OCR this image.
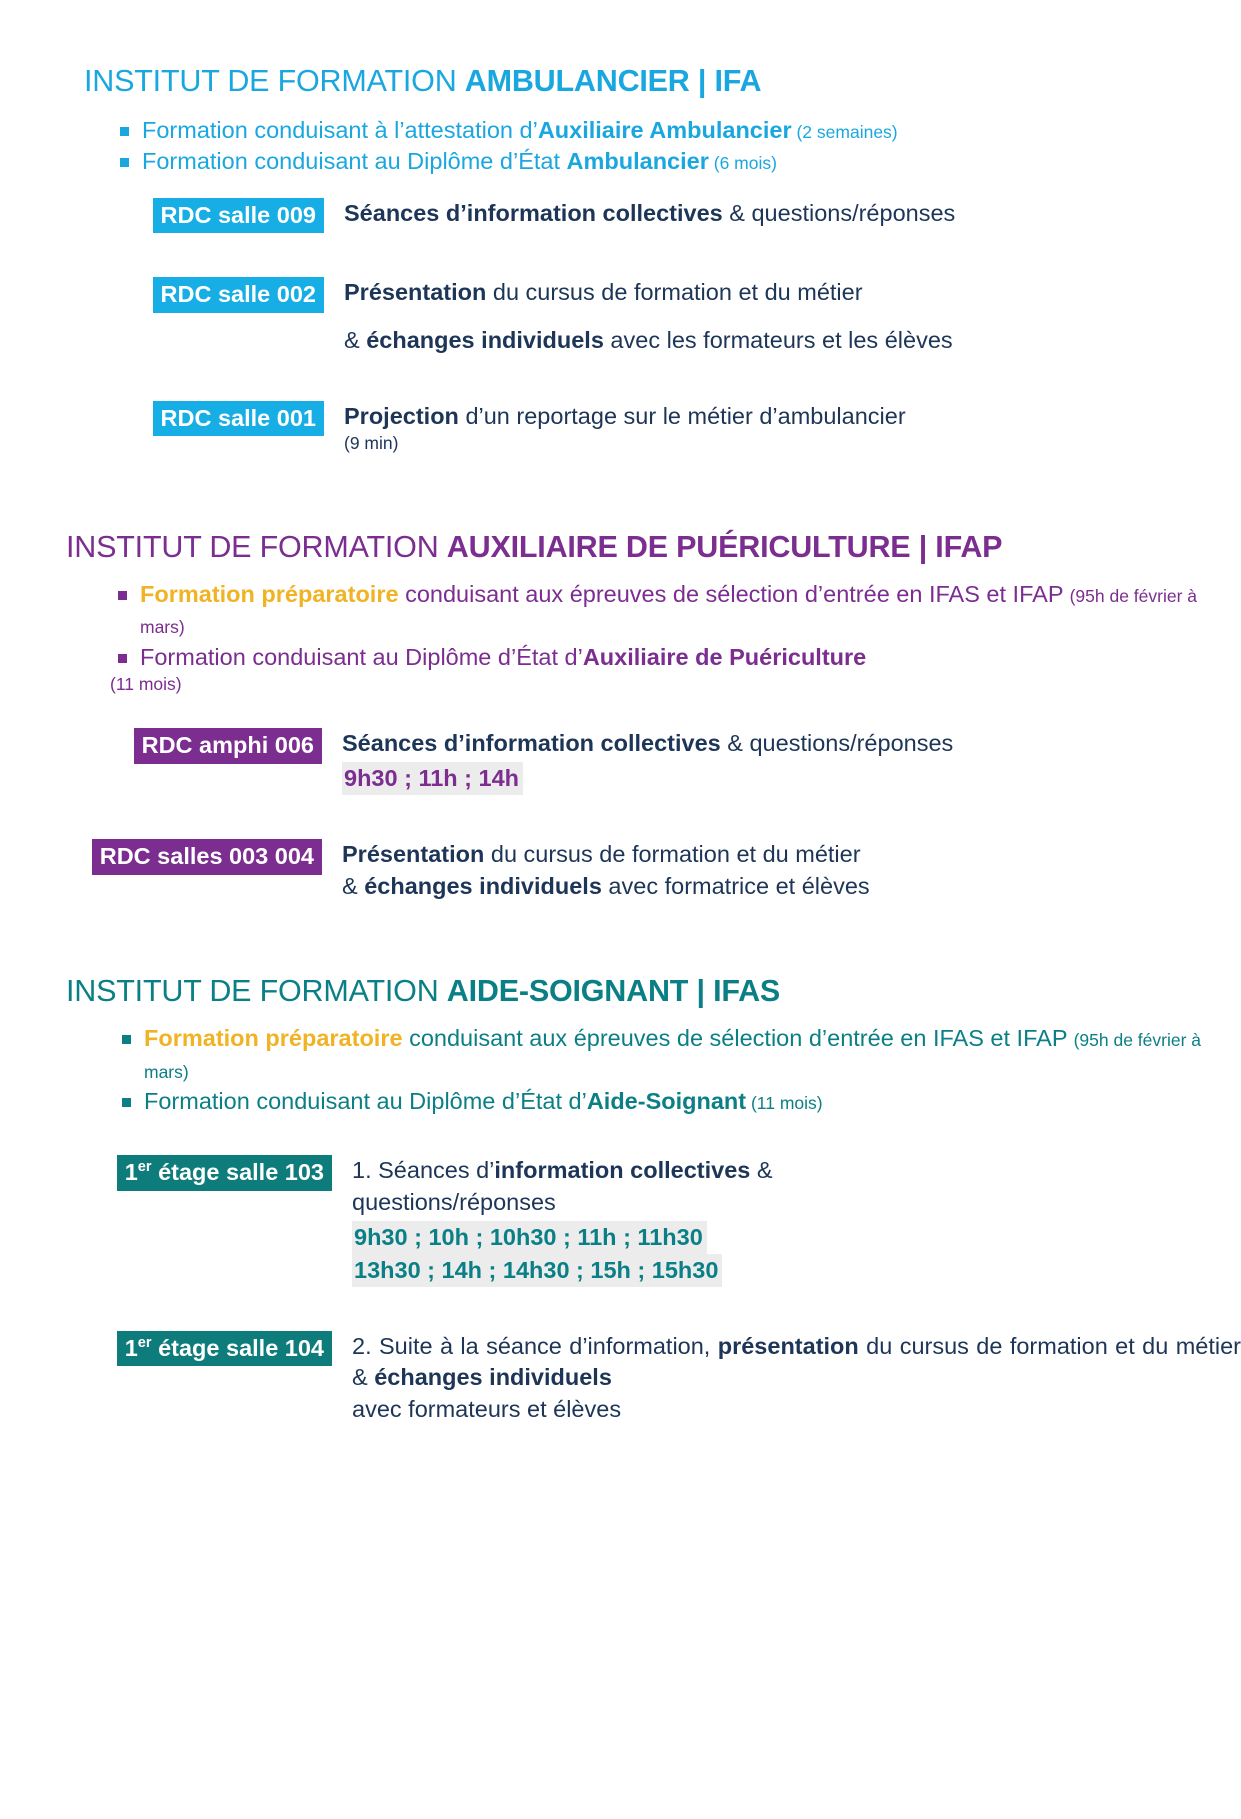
INSTITUT DE FORMATION AMBULANCIER | IFA
Formation conduisant à l’attestation d’Auxiliaire Ambulancier (2 semaines)
Formation conduisant au Diplôme d’État Ambulancier (6 mois)
RDC salle 009	Séances d’information collectives & questions/réponses
RDC salle 002	Présentation du cursus de formation et du métier
& échanges individuels avec les formateurs et les élèves
RDC salle 001	Projection d’un reportage sur le métier d’ambulancier
(9 min)
INSTITUT DE FORMATION AUXILIAIRE DE PUÉRICULTURE | IFAP
Formation préparatoire conduisant aux épreuves de sélection d’entrée en IFAS et IFAP (95h de février à mars)
Formation conduisant au Diplôme d’État d’Auxiliaire de Puériculture
(11 mois)
RDC amphi 006	Séances d’information collectives & questions/réponses
9h30 ; 11h ; 14h
RDC salles 003 004	Présentation du cursus de formation et du métier
& échanges individuels avec formatrice et élèves
INSTITUT DE FORMATION AIDE-SOIGNANT | IFAS
Formation préparatoire conduisant aux épreuves de sélection d’entrée en IFAS et IFAP (95h de février à mars)
Formation conduisant au Diplôme d’État d’Aide-Soignant (11 mois)
1er étage salle 103	1. Séances d’information collectives & questions/réponses
9h30 ; 10h ; 10h30 ; 11h ; 11h30
13h30 ; 14h ; 14h30 ; 15h ; 15h30
1er étage salle 104	2. Suite à la séance d’information, présentation du cursus de formation et du métier & échanges individuels
avec formateurs et élèves
